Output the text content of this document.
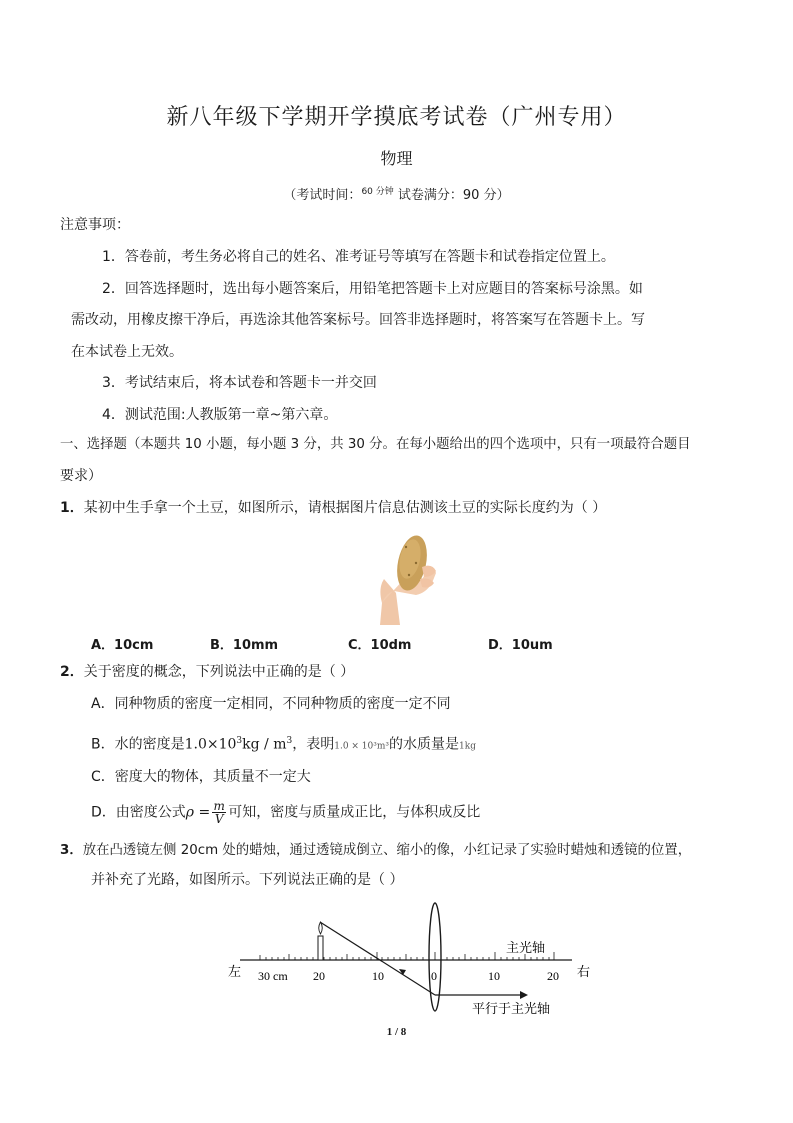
新八年级下学期开学摸底考试卷（广州专用）
物理
（考试时间：$^{60 分钟}$ 试卷满分：90 分）
注意事项：
1．答卷前，考生务必将自己的姓名、准考证号等填写在答题卡和试卷指定位置上。
2．回答选择题时，选出每小题答案后，用铅笔把答题卡上对应题目的答案标号涂黑。如
需改动，用橡皮擦干净后，再选涂其他答案标号。回答非选择题时，将答案写在答题卡上。写
在本试卷上无效。
3．考试结束后，将本试卷和答题卡一并交回
4．测试范围:人教版第一章~第六章。
一、选择题（本题共 10 小题，每小题 3 分，共 30 分。在每小题给出的四个选项中，只有一项最符合题目
要求）
1．某初中生手拿一个土豆，如图所示，请根据图片信息估测该土豆的实际长度约为（ ）
A．10cm	B．10mm	C．10dm	D．10um
2．关于密度的概念，下列说法中正确的是（ ）
A．同种物质的密度一定相同，不同种物质的密度一定不同
B．水的密度是$1.0\times 10^3kg / m^3$，表明1.0 × 10³m³的水质量是1kg
C．密度大的物体，其质量不一定大
D．由密度公式$\rho = \frac{m}{V}$ 可知，密度与质量成正比，与体积成反比
3．放在凸透镜左侧 20cm 处的蜡烛，通过透镜成倒立、缩小的像，小红记录了实验时蜡烛和透镜的位置，
并补充了光路，如图所示。下列说法正确的是（ ）
左	右
30 cm 20	10	0	10	20
主光轴
平行于主光轴
1 / 8
